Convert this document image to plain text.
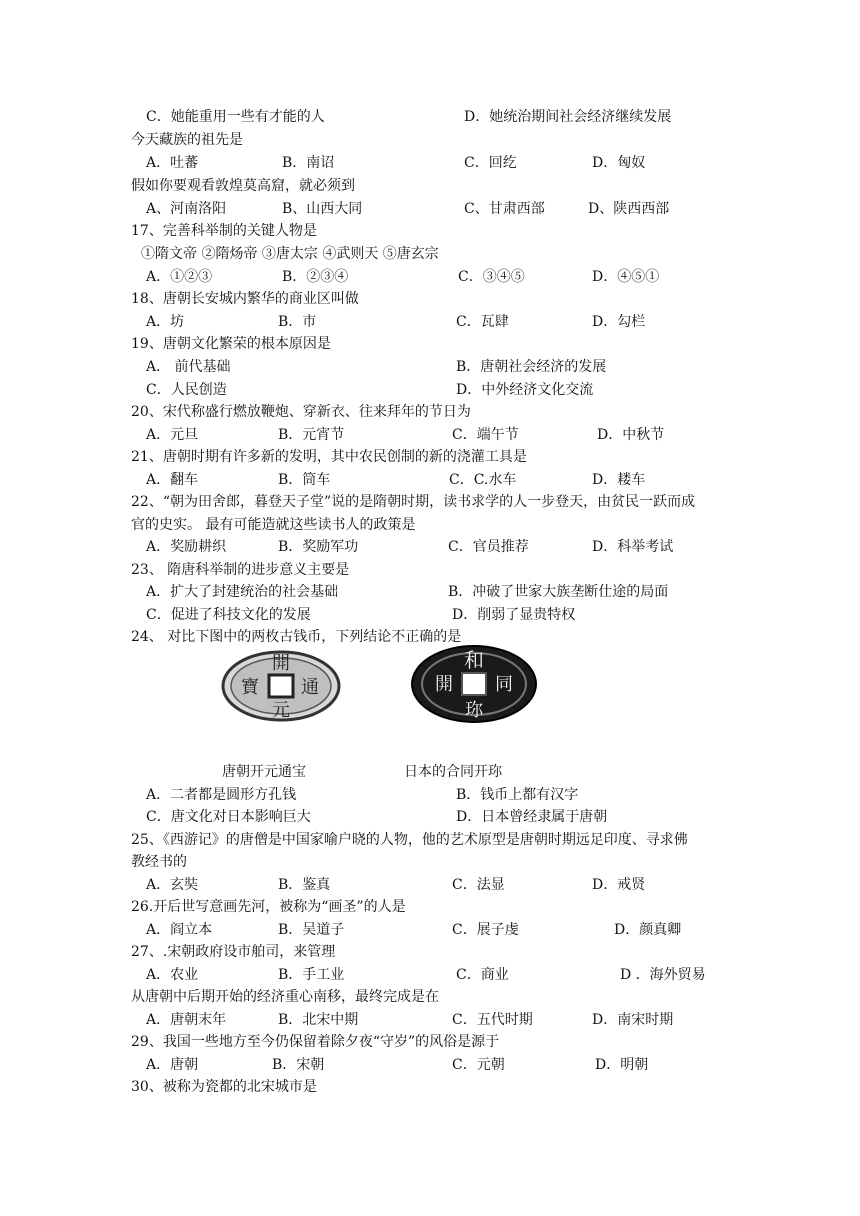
C．她能重用一些有才能的人	D．她统治期间社会经济继续发展
今天藏族的祖先是
A．吐蕃	B．南诏	C．回纥	D．匈奴
假如你要观看敦煌莫高窟，就必须到
A、河南洛阳	B、山西大同	C、甘肃西部	D、陕西西部
17、完善科举制的关键人物是
①隋文帝 ②隋炀帝 ③唐太宗 ④武则天 ⑤唐玄宗
A．①②③	B．②③④	C．③④⑤	D．④⑤①
18、唐朝长安城内繁华的商业区叫做
A．坊	B．市	C．瓦肆	D．勾栏
19、唐朝文化繁荣的根本原因是
A． 前代基础	B．唐朝社会经济的发展
C．人民创造	D．中外经济文化交流
20、宋代称盛行燃放鞭炮、穿新衣、往来拜年的节日为
A．元旦	B．元宵节	C．端午节	D．中秋节
21、唐朝时期有许多新的发明，其中农民创制的新的浇灌工具是
A．翻车	B．筒车	C．C.水车	D．耧车
22、“朝为田舍郎，暮登天子堂”说的是隋朝时期，读书求学的人一步登天，由贫民一跃而成
官的史实。 最有可能造就这些读书人的政策是
A．奖励耕织	B．奖励军功	C．官员推荐	D．科举考试
23、 隋唐科举制的进步意义主要是
A．扩大了封建统治的社会基础	B．冲破了世家大族垄断仕途的局面
C．促进了科技文化的发展	D．削弱了显贵特权
24、 对比下图中的两枚古钱币，下列结论不正确的是
唐朝开元通宝	日本的合同开珎
A．二者都是圆形方孔钱	B．钱币上都有汉字
C．唐文化对日本影响巨大	D．日本曾经隶属于唐朝
25、《西游记》的唐僧是中国家喻户晓的人物，他的艺术原型是唐朝时期远足印度、寻求佛
教经书的
A．玄奘	B．鉴真	C．法显	D．戒贤
26.开后世写意画先河，被称为“画圣”的人是
A．阎立本	B．吴道子	C．展子虔	D．颜真卿
27、.宋朝政府设市舶司，来管理
A．农业	B．手工业	C．商业	D ．海外贸易
从唐朝中后期开始的经济重心南移，最终完成是在
A．唐朝末年	B．北宋中期	C．五代时期	D．南宋时期
29、我国一些地方至今仍保留着除夕夜“守岁”的风俗是源于
A．唐朝	B．宋朝	C．元朝	D．明朝
30、被称为瓷都的北宋城市是
開
元
通
寶
和
同
開
珎
